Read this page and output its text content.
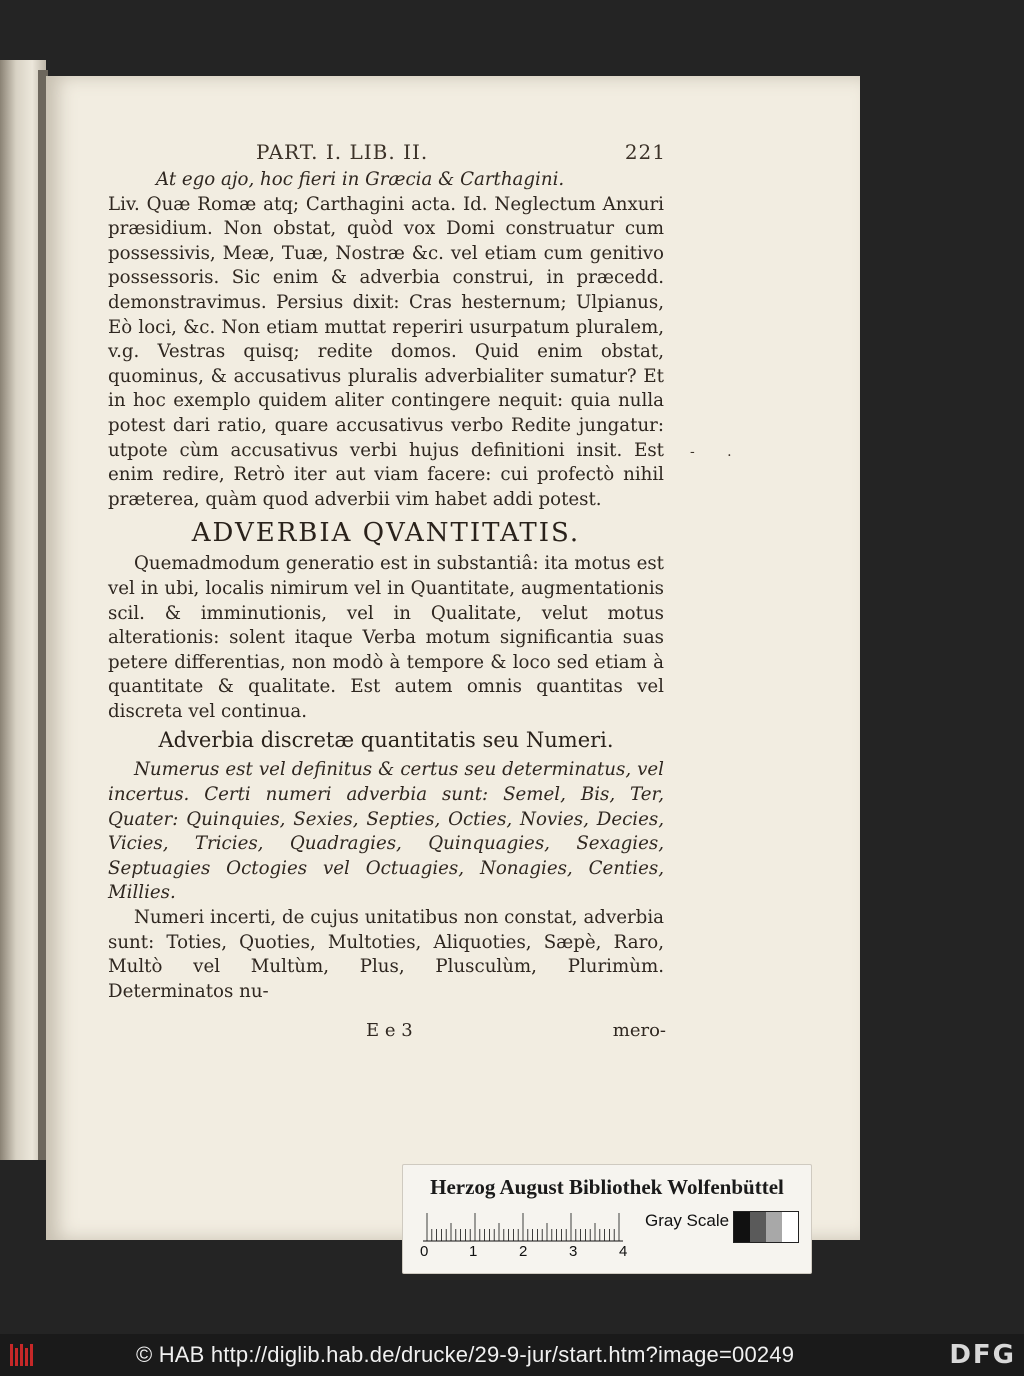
PART. I. LIB. II.	221

At ego ajo, hoc fieri in Græcia & Carthagini.

Liv. Quæ Romæ atq; Carthagini acta. Id. Neglectum Anxuri præsidium. Non obstat, quòd vox Domi construatur cum possessivis, Meæ, Tuæ, Nostræ &c. vel etiam cum genitivo possessoris. Sic enim & adverbia construi, in præcedd. demonstravimus. Persius dixit: Cras hesternum; Ulpianus, Eò loci, &c. Non etiam muttat reperiri usurpatum pluralem, v.g. Vestras quisq; redite domos. Quid enim obstat, quominus, & accusativus pluralis adverbialiter sumatur? Et in hoc exemplo quidem aliter contingere nequit: quia nulla potest dari ratio, quare accusativus verbo Redite jungatur: utpote cùm accusativus verbi hujus definitioni insit. Est enim redire, Retrò iter aut viam facere: cui profectò nihil præterea, quàm quod adverbii vim habet addi potest.

ADVERBIA QVANTITATIS.

Quemadmodum generatio est in substantiâ: ita motus est vel in ubi, localis nimirum vel in Quantitate, augmentationis scil. & imminutionis, vel in Qualitate, velut motus alterationis: solent itaque Verba motum significantia suas petere differentias, non modò à tempore & loco sed etiam à quantitate & qualitate. Est autem omnis quantitas vel discreta vel continua.

Adverbia discretæ quantitatis seu Numeri.

Numerus est vel definitus & certus seu determinatus, vel incertus. Certi numeri adverbia sunt: Semel, Bis, Ter, Quater: Quinquies, Sexies, Septies, Octies, Novies, Decies, Vicies, Tricies, Quadragies, Quinquagies, Sexagies, Septuagies Octogies vel Octuagies, Nonagies, Centies, Millies.

Numeri incerti, de cujus unitatibus non constat, adverbia sunt: Toties, Quoties, Multoties, Aliquoties, Sæpè, Raro, Multò vel Multùm, Plus, Plusculùm, Plurimùm. Determinatos nu-

- .
E e 3	mero-
Herzog August Bibliothek Wolfenbüttel
0	1	2	3	4
Gray Scale
© HAB http://diglib.hab.de/drucke/29-9-jur/start.htm?image=00249	DFG
